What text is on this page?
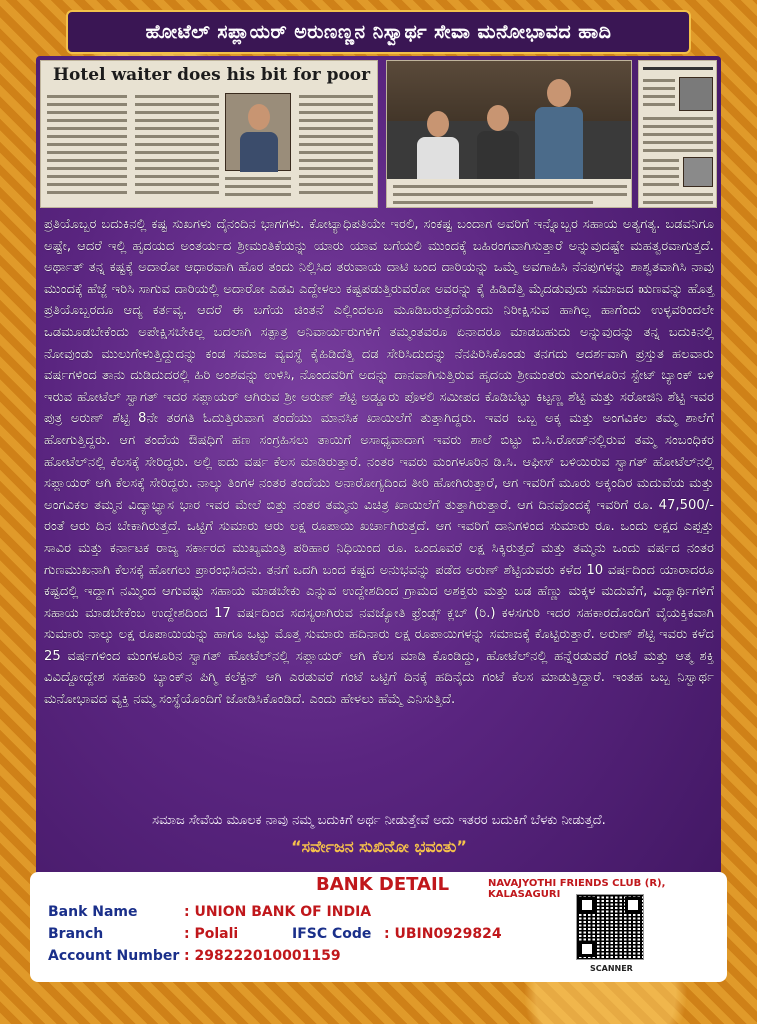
ಹೋಟೆಲ್ ಸಪ್ಲಾಯರ್ ಅರುಣಣ್ಣನ ನಿಸ್ವಾರ್ಥ ಸೇವಾ ಮನೋಭಾವದ ಹಾದಿ
Hotel waiter does his bit for poor
ಪ್ರತಿಯೊಬ್ಬರ ಬದುಕಿನಲ್ಲಿ ಕಷ್ಟ ಸುಖಗಳು ದೈನಂದಿನ ಭಾಗಗಳು. ಕೋಟ್ಯಾಧಿಪತಿಯೇ ಇರಲಿ, ಸಂಕಷ್ಟ ಬಂದಾಗ ಅವರಿಗೆ ಇನ್ನೊಬ್ಬರ ಸಹಾಯ ಅತ್ಯಗತ್ಯ. ಬಡವನಿಗೂ ಅಷ್ಟೇ, ಆದರೆ ಇಲ್ಲಿ ಹೃದಯದ ಅಂತರ್ಯದ ಶ್ರೀಮಂತಿಕೆಯನ್ನು ಯಾರು ಯಾವ ಬಗೆಯಲಿ ಮುಂದಕ್ಕೆ ಬಹಿರಂಗವಾಗಿಸುತ್ತಾರೆ ಅನ್ನುವುದಷ್ಟೇ ಮಹತ್ವರವಾಗುತ್ತದೆ. ಅರ್ಥಾತ್ ತನ್ನ ಕಷ್ಟಕ್ಕೆ ಅದಾರೋ ಆಧಾರವಾಗಿ ಹೊರ ತಂದು ನಿಲ್ಲಿಸಿದ ತರುವಾಯ ದಾಟಿ ಬಂದ ದಾರಿಯನ್ನು ಒಮ್ಮೆ ಅವಗಾಹಿಸಿ ನೆನಪುಗಳನ್ನು ಶಾಶ್ವತವಾಗಿಸಿ ನಾವು ಮುಂದಕ್ಕೆ ಹೆಜ್ಜೆ ಇರಿಸಿ ಸಾಗುವ ದಾರಿಯಲ್ಲಿ ಅದಾರೋ ಎಡವಿ ಎದ್ದೇಳಲು ಕಷ್ಟಪಡುತ್ತಿರುವರೋ ಅವರನ್ನು ಕೈ ಹಿಡಿದೆತ್ತಿ ಮೈದಡುವುದು ಸಮಾಜದ ಋಣವನ್ನು ಹೊತ್ತ ಪ್ರತಿಯೊಬ್ಬರದೂ ಆದ್ಯ ಕರ್ತವ್ಯ. ಆದರೆ ಈ ಬಗೆಯ ಚಿಂತನೆ ಎಲ್ಲಿಂದಲೂ ಮೂಡಿಬರುತ್ತದೆಯೆಂದು ನಿರೀಕ್ಷಿಸುವ ಹಾಗಿಲ್ಲ ಹಾಗೆಂದು ಉಳ್ಳವರಿಂದಲೇ ಒಡಮೂಡಬೇಕೆಂದು ಅಪೇಕ್ಷಿಸಬೇಕಿಲ್ಲ ಬದಲಾಗಿ ಸತ್ಪಾತ್ರ ಅನಿವಾರ್ಯರುಗಳಿಗೆ ತಮ್ಮಂತವರೂ ಏನಾದರೂ ಮಾಡಬಹುದು ಅನ್ನುವುದನ್ನು ತನ್ನ ಬದುಕಿನಲ್ಲಿ ನೋವುಂಡು ಮುಲುಗೇಳುತ್ತಿದ್ದುದನ್ನು ಕಂಡ ಸಮಾಜ ವ್ಯವಸ್ಥೆ ಕೈಹಿಡಿದೆತ್ತಿ ದಡ ಸೇರಿಸಿದುದನ್ನು ನೆನಪಿರಿಸಿಕೊಂಡು ತನಗದು ಆದರ್ಶವಾಗಿ ಪ್ರಸ್ತುತ ಹಲವಾರು ವರ್ಷಗಳಿಂದ ತಾನು ದುಡಿದುದರಲ್ಲಿ ಹಿರಿ ಅಂಶವನ್ನು ಉಳಿಸಿ, ನೊಂದವರಿಗೆ ಅದನ್ನು ದಾನವಾಗಿಸುತ್ತಿರುವ ಹೃದಯ ಶ್ರೀಮಂತರು ಮಂಗಳೂರಿನ ಸ್ಟೇಟ್ ಬ್ಯಾಂಕ್ ಬಳಿ ಇರುವ ಹೋಟೆಲ್ ಸ್ವಾಗತ್ ಇದರ ಸಪ್ಲಾಯರ್ ಆಗಿರುವ ಶ್ರೀ ಅರುಣ್ ಶೆಟ್ಟಿ ಅಡ್ಡೂರು ಪೊಳಲಿ ಸಮೀಪದ ಕೊಡಿಬೆಟ್ಟು ಕಿಟ್ಟಣ್ಣ ಶೆಟ್ಟಿ ಮತ್ತು ಸರೋಜಿನಿ ಶೆಟ್ಟಿ ಇವರ ಪುತ್ರ ಅರುಣ್ ಶೆಟ್ಟಿ 8ನೇ ತರಗತಿ ಓದುತ್ತಿರುವಾಗ ತಂದೆಯು ಮಾನಸಿಕ ಖಾಯಿಲೆಗೆ ತುತ್ತಾಗಿದ್ದರು. ಇವರ ಒಬ್ಬ ಅಕ್ಕ ಮತ್ತು ಅಂಗವಿಕಲ ತಮ್ಮ ಶಾಲೆಗೆ ಹೋಗುತ್ತಿದ್ದರು. ಆಗ ತಂದೆಯ ಔಷಧಿಗೆ ಹಣ ಸಂಗ್ರಹಿಸಲು ತಾಯಿಗೆ ಅಸಾಧ್ಯವಾದಾಗ ಇವರು ಶಾಲೆ ಬಿಟ್ಟು ಬಿ.ಸಿ.ರೋಡ್‌ನಲ್ಲಿರುವ ತಮ್ಮ ಸಂಬಂಧಿಕರ ಹೋಟೆಲ್‌ನಲ್ಲಿ ಕೆಲಸಕ್ಕೆ ಸೇರಿದ್ದರು. ಅಲ್ಲಿ ಐದು ವರ್ಷ ಕೆಲಸ ಮಾಡಿರುತ್ತಾರೆ. ನಂತರ ಇವರು ಮಂಗಳೂರಿನ ಡಿ.ಸಿ. ಆಫೀಸ್ ಬಳಿಯಿರುವ ಸ್ವಾಗತ್ ಹೋಟೆಲ್‌ನಲ್ಲಿ ಸಪ್ಲಾಯರ್ ಆಗಿ ಕೆಲಸಕ್ಕೆ ಸೇರಿದ್ದರು. ನಾಲ್ಕು ತಿಂಗಳ ನಂತರ ತಂದೆಯು ಅನಾರೋಗ್ಯದಿಂದ ತೀರಿ ಹೋಗಿರುತ್ತಾರೆ, ಆಗ ಇವರಿಗೆ ಮೂರು ಅಕ್ಕಂದಿರ ಮದುವೆಯ ಮತ್ತು ಅಂಗವಿಕಲ ತಮ್ಮನ ವಿದ್ಯಾಭ್ಯಾಸ ಭಾರ ಇವರ ಮೇಲೆ ಬಿತ್ತು ನಂತರ ತಮ್ಮನು ವಿಚಿತ್ರ ಖಾಯಿಲೆಗೆ ತುತ್ತಾಗಿರುತ್ತಾರೆ. ಆಗ ದಿನವೊಂದಕ್ಕೆ ಇವರಿಗೆ ರೂ. 47,500/- ರಂತೆ ಆರು ದಿನ ಬೇಕಾಗಿರುತ್ತದೆ. ಒಟ್ಟಿಗೆ ಸುಮಾರು ಆರು ಲಕ್ಷ ರೂಪಾಯಿ ಖರ್ಚಾಗಿರುತ್ತದೆ. ಆಗ ಇವರಿಗೆ ದಾನಿಗಳಿಂದ ಸುಮಾರು ರೂ. ಒಂದು ಲಕ್ಷದ ಎಪ್ಪತ್ತು ಸಾವಿರ ಮತ್ತು ಕರ್ನಾಟಕ ರಾಜ್ಯ ಸರ್ಕಾರದ ಮುಖ್ಯಮಂತ್ರಿ ಪರಿಹಾರ ನಿಧಿಯಿಂದ ರೂ. ಒಂದೂವರೆ ಲಕ್ಷ ಸಿಕ್ಕಿರುತ್ತದೆ ಮತ್ತು ತಮ್ಮನು ಒಂದು ವರ್ಷದ ನಂತರ ಗುಣಮುಖನಾಗಿ ಕೆಲಸಕ್ಕೆ ಹೋಗಲು ಪ್ರಾರಂಭಿಸಿದನು. ತನಗೆ ಒದಗಿ ಬಂದ ಕಷ್ಟದ ಅನುಭವನ್ನು ಪಡೆದ ಅರುಣ್ ಶೆಟ್ಟಿಯವರು ಕಳೆದ 10 ವರ್ಷದಿಂದ ಯಾರಾದರೂ ಕಷ್ಟದಲ್ಲಿ ಇದ್ದಾಗ ನಮ್ಮಿಂದ ಆಗುವಷ್ಟು ಸಹಾಯ ಮಾಡಬೇಕು ಎನ್ನುವ ಉದ್ದೇಶದಿಂದ ಗ್ರಾಮದ ಅಶಕ್ತರು ಮತ್ತು ಬಡ ಹೆಣ್ಣು ಮಕ್ಕಳ ಮದುವೆಗೆ, ವಿದ್ಯಾರ್ಥಿಗಳಿಗೆ ಸಹಾಯ ಮಾಡಬೇಕೆಂಬ ಉದ್ದೇಶದಿಂದ 17 ವರ್ಷದಿಂದ ಸದಸ್ಯರಾಗಿರುವ ನವಜ್ಯೋತಿ ಫ್ರೆಂಡ್ಸ್ ಕ್ಲಬ್ (ರಿ.) ಕಳಸಗುರಿ ಇದರ ಸಹಕಾರದೊಂದಿಗೆ ವೈಯಕ್ತಿಕವಾಗಿ ಸುಮಾರು ನಾಲ್ಕು ಲಕ್ಷ ರೂಪಾಯಿಯನ್ನು ಹಾಗೂ ಒಟ್ಟು ಮೊತ್ತ ಸುಮಾರು ಹದಿನಾರು ಲಕ್ಷ ರೂಪಾಯಿಗಳನ್ನು ಸಮಾಜಕ್ಕೆ ಕೊಟ್ಟಿರುತ್ತಾರೆ. ಅರುಣ್ ಶೆಟ್ಟಿ ಇವರು ಕಳೆದ 25 ವರ್ಷಗಳಿಂದ ಮಂಗಳೂರಿನ ಸ್ವಾಗತ್ ಹೋಟೆಲ್‌ನಲ್ಲಿ ಸಪ್ಲಾಯರ್ ಆಗಿ ಕೆಲಸ ಮಾಡಿ ಕೊಂಡಿದ್ದು, ಹೋಟೆಲ್‌ನಲ್ಲಿ ಹನ್ನೆರಡುವರೆ ಗಂಟೆ ಮತ್ತು ಆತ್ಮ ಶಕ್ತಿ ವಿವಿದ್ದೋದ್ದೇಶ ಸಹಕಾರಿ ಬ್ಯಾಂಕ್‌ನ ಪಿಗ್ಮಿ ಕಲೆಕ್ಟನ್ ಆಗಿ ಎರಡುವರೆ ಗಂಟೆ ಒಟ್ಟಿಗೆ ದಿನಕ್ಕೆ ಹದಿನೈದು ಗಂಟೆ ಕೆಲಸ ಮಾಡುತ್ತಿದ್ದಾರೆ. ಇಂತಹ ಒಬ್ಬ ನಿಸ್ವಾರ್ಥ ಮನೋಭಾವದ ವ್ಯಕ್ತಿ ನಮ್ಮ ಸಂಸ್ಥೆಯೊಂದಿಗೆ ಜೋಡಿಸಿಕೊಂಡಿದೆ. ಎಂದು ಹೇಳಲು ಹೆಮ್ಮೆ ಎನಿಸುತ್ತಿದೆ.
ಸಮಾಜ ಸೇವೆಯ ಮೂಲಕ ನಾವು ನಮ್ಮ ಬದುಕಿಗೆ ಅರ್ಥ ನೀಡುತ್ತೇವೆ ಅದು ಇತರರ ಬದುಕಿಗೆ ಬೆಳಕು ನೀಡುತ್ತದೆ.
“ಸರ್ವೇಜನ ಸುಖಿನೋ ಭವಂತು”
BANK DETAIL	NAVAJYOTHI FRIENDS CLUB (R), KALASAGURI
Bank Name	: UNION BANK OF INDIA
Branch	: Polali	IFSC Code : UBIN0929824
Account Number : 298222010001159
SCANNER
